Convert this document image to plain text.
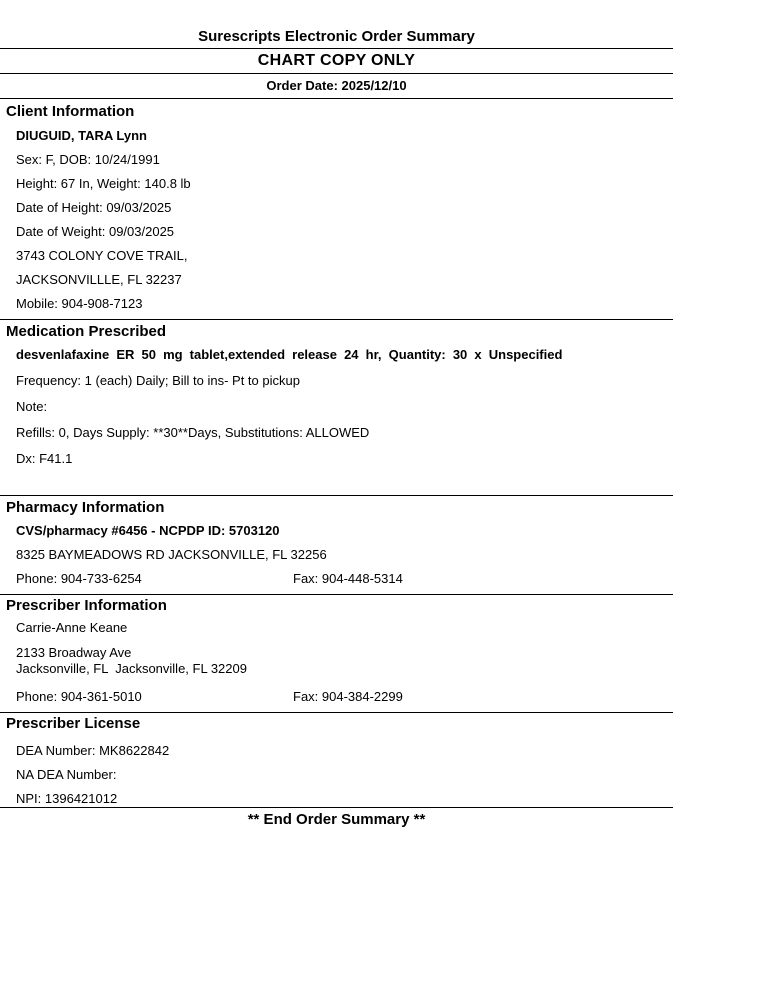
Surescripts Electronic Order Summary
CHART COPY ONLY
Order Date: 2025/12/10
Client Information
DIUGUID, TARA Lynn
Sex: F, DOB: 10/24/1991
Height: 67 In, Weight: 140.8 lb
Date of Height: 09/03/2025
Date of Weight: 09/03/2025
3743 COLONY COVE TRAIL,
JACKSONVILLLE, FL 32237
Mobile: 904-908-7123
Medication Prescribed
desvenlafaxine ER 50 mg tablet,extended release 24 hr, Quantity: 30 x Unspecified
Frequency: 1 (each) Daily; Bill to ins- Pt to pickup
Note:
Refills: 0, Days Supply: **30**Days, Substitutions: ALLOWED
Dx: F41.1
Pharmacy Information
CVS/pharmacy #6456 - NCPDP ID: 5703120
8325 BAYMEADOWS RD JACKSONVILLE, FL 32256
Phone: 904-733-6254	Fax: 904-448-5314
Prescriber Information
Carrie-Anne Keane
2133 Broadway Ave
Jacksonville, FL  Jacksonville, FL 32209
Phone: 904-361-5010	Fax: 904-384-2299
Prescriber License
DEA Number: MK8622842
NA DEA Number:
NPI: 1396421012
** End Order Summary **
